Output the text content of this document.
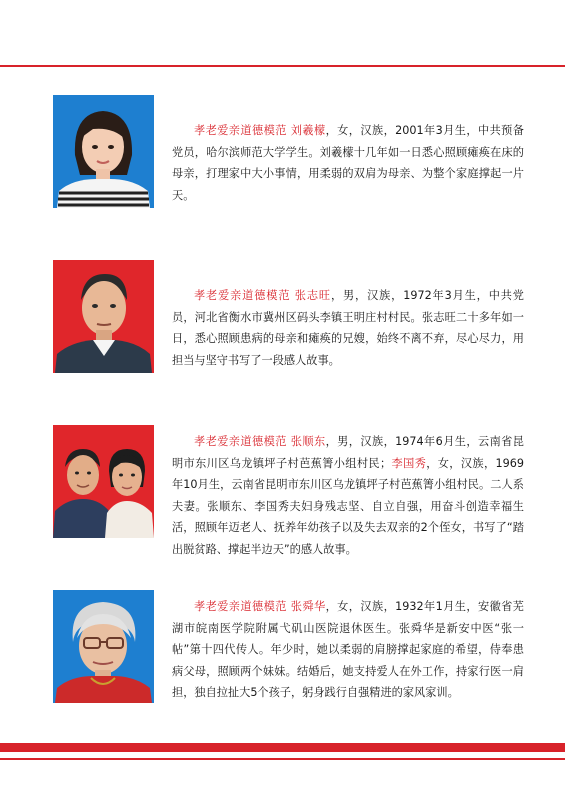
孝老爱亲道德模范 刘羲檬，女，汉族，2001年3月生，中共预备党员，哈尔滨师范大学学生。刘羲檬十几年如一日悉心照顾瘫痪在床的母亲，打理家中大小事情，用柔弱的双肩为母亲、为整个家庭撑起一片天。

孝老爱亲道德模范 张志旺，男，汉族，1972年3月生，中共党员，河北省衡水市冀州区码头李镇王明庄村村民。张志旺二十多年如一日，悉心照顾患病的母亲和瘫痪的兄嫂，始终不离不弃，尽心尽力，用担当与坚守书写了一段感人故事。

孝老爱亲道德模范 张顺东，男，汉族，1974年6月生，云南省昆明市东川区乌龙镇坪子村芭蕉箐小组村民；李国秀，女，汉族，1969年10月生，云南省昆明市东川区乌龙镇坪子村芭蕉箐小组村民。二人系夫妻。张顺东、李国秀夫妇身残志坚、自立自强，用奋斗创造幸福生活，照顾年迈老人、抚养年幼孩子以及失去双亲的2个侄女，书写了“踏出脱贫路、撑起半边天”的感人故事。

孝老爱亲道德模范 张舜华，女，汉族，1932年1月生，安徽省芜湖市皖南医学院附属弋矶山医院退休医生。张舜华是新安中医“张一帖”第十四代传人。年少时，她以柔弱的肩膀撑起家庭的希望，侍奉患病父母，照顾两个妹妹。结婚后，她支持爱人在外工作，持家行医一肩担，独自拉扯大5个孩子，躬身践行自强精进的家风家训。
